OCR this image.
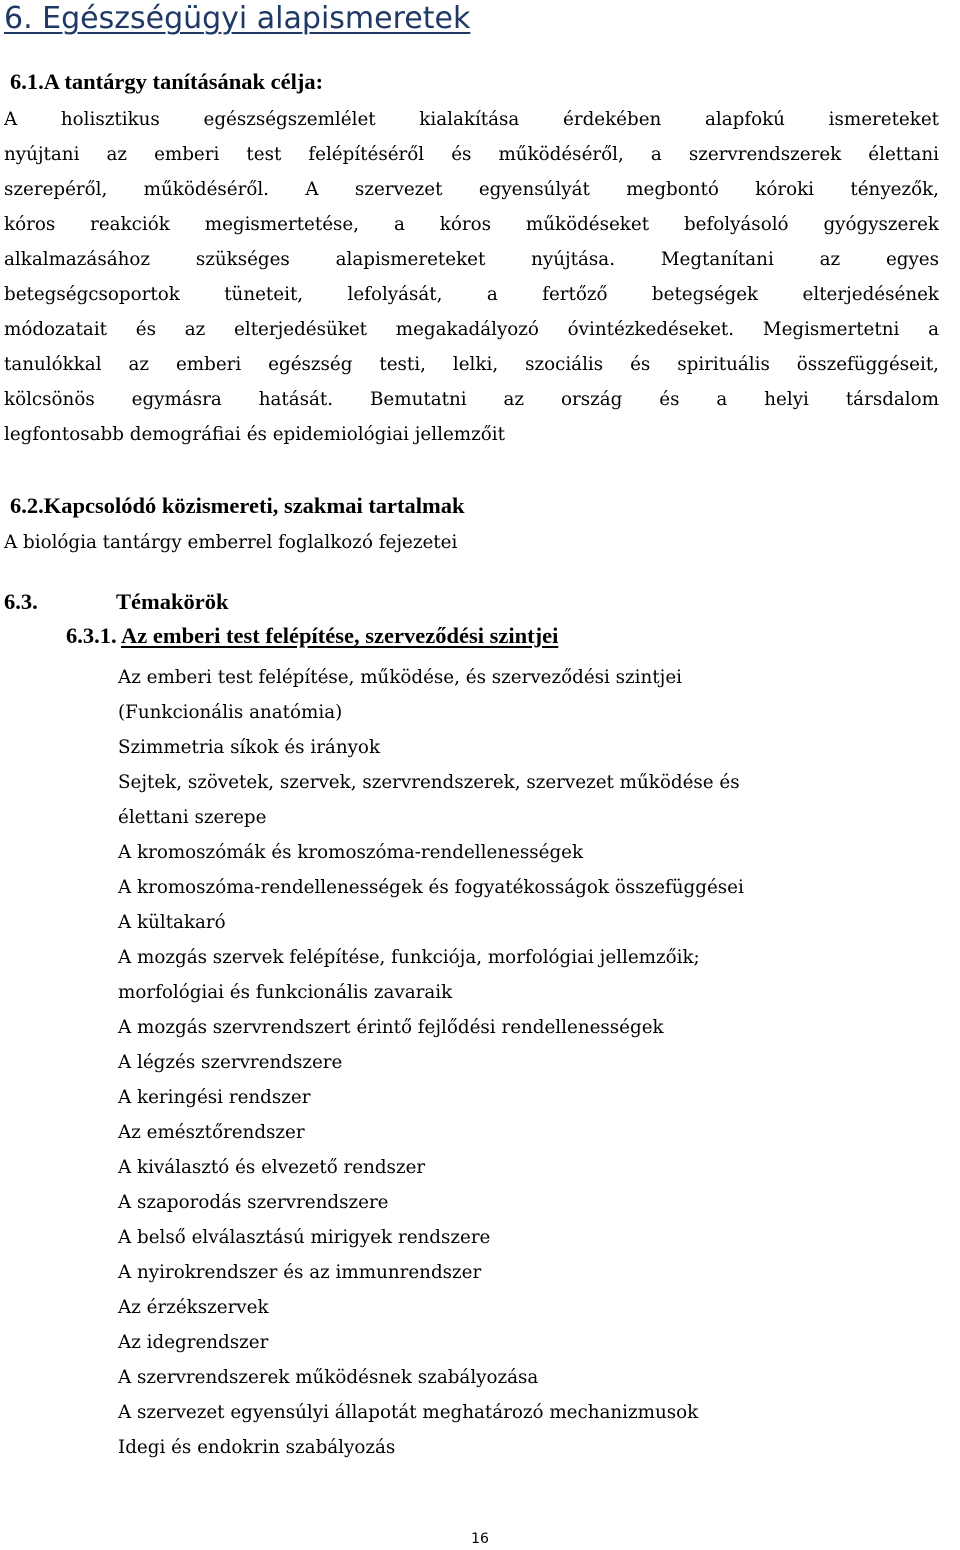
6. Egészségügyi alapismeretek
6.1.A tantárgy tanításának célja:
A holisztikus egészségszemlélet kialakítása érdekében alapfokú ismereteket
nyújtani az emberi test felépítéséről és működéséről, a szervrendszerek élettani
szerepéről, működéséről. A szervezet egyensúlyát megbontó kóroki tényezők,
kóros reakciók megismertetése, a kóros működéseket befolyásoló gyógyszerek
alkalmazásához szükséges alapismereteket nyújtása. Megtanítani az egyes
betegségcsoportok tüneteit, lefolyását, a fertőző betegségek elterjedésének
módozatait és az elterjedésüket megakadályozó óvintézkedéseket. Megismertetni a
tanulókkal az emberi egészség testi, lelki, szociális és spirituális összefüggéseit,
kölcsönös egymásra hatását. Bemutatni az ország és a helyi társdalom
legfontosabb demográfiai és epidemiológiai jellemzőit
6.2.Kapcsolódó közismereti, szakmai tartalmak
A biológia tantárgy emberrel foglalkozó fejezetei
6.3.	Témakörök
6.3.1. Az emberi test felépítése, szerveződési szintjei
Az emberi test felépítése, működése, és szerveződési szintjei
(Funkcionális anatómia)
Szimmetria síkok és irányok
Sejtek, szövetek, szervek, szervrendszerek, szervezet működése és
élettani szerepe
A kromoszómák és kromoszóma-rendellenességek
A kromoszóma-rendellenességek és fogyatékosságok összefüggései
A kültakaró
A mozgás szervek felépítése, funkciója, morfológiai jellemzőik;
morfológiai és funkcionális zavaraik
A mozgás szervrendszert érintő fejlődési rendellenességek
A légzés szervrendszere
A keringési rendszer
Az emésztőrendszer
A kiválasztó és elvezető rendszer
A szaporodás szervrendszere
A belső elválasztású mirigyek rendszere
A nyirokrendszer és az immunrendszer
Az érzékszervek
Az idegrendszer
A szervrendszerek működésnek szabályozása
A szervezet egyensúlyi állapotát meghatározó mechanizmusok
Idegi és endokrin szabályozás
16
